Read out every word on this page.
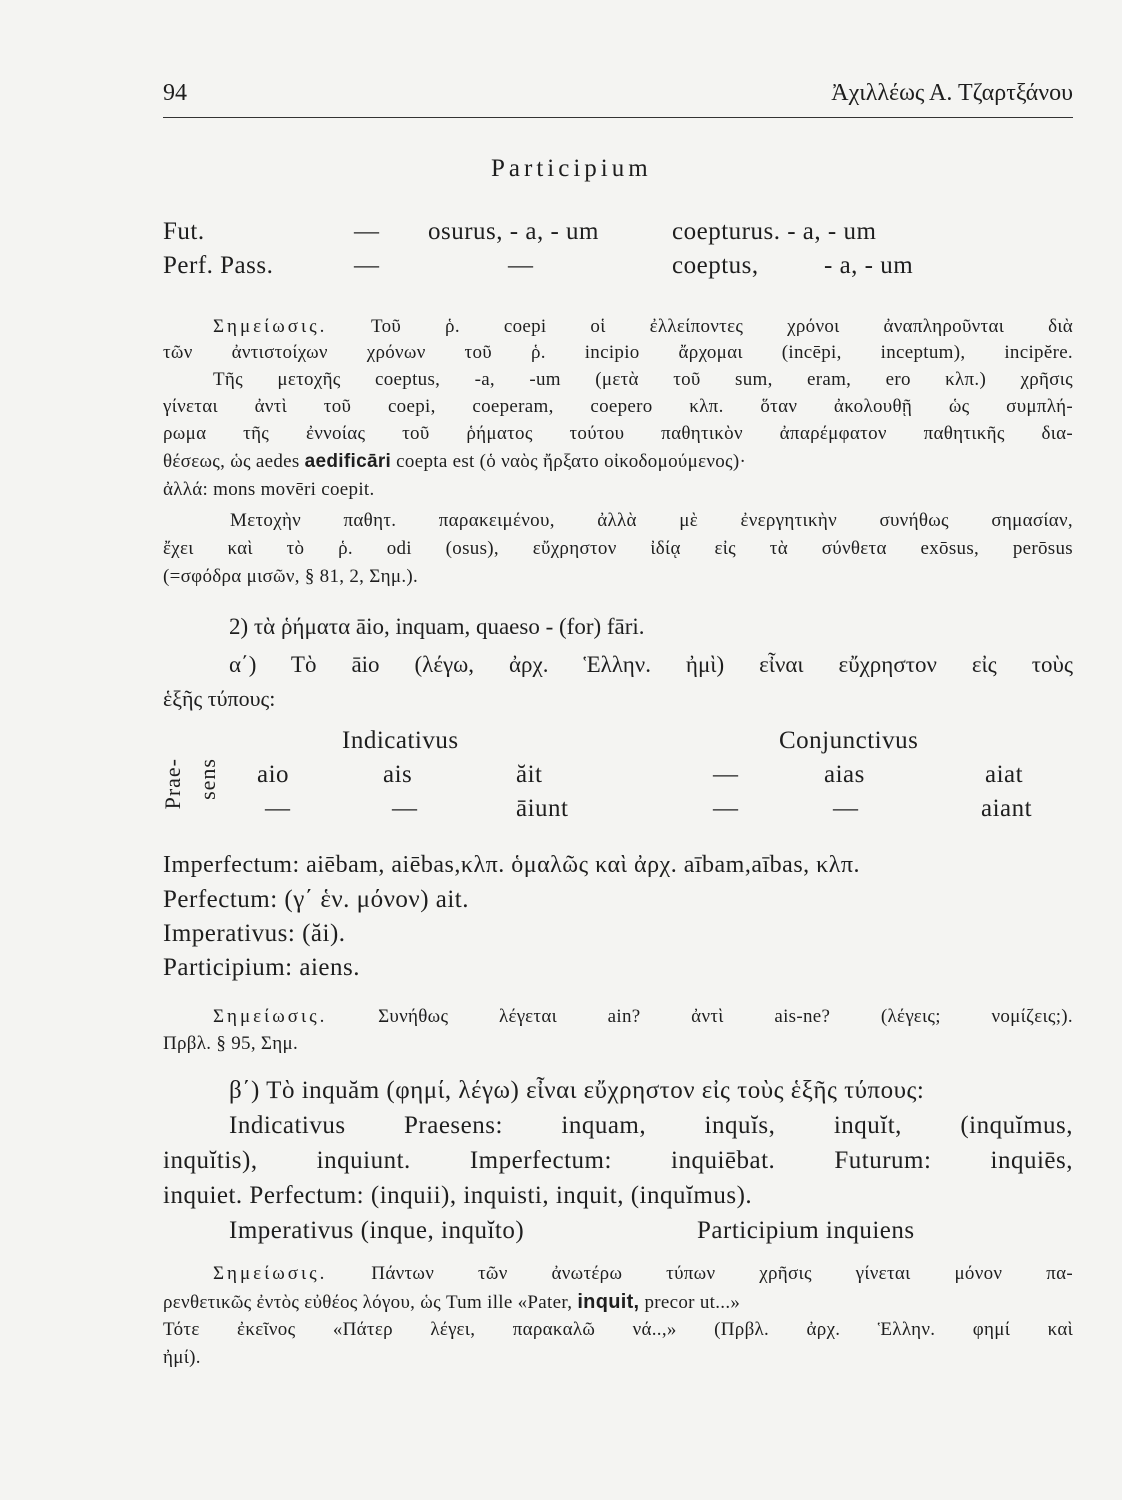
94	Ἀχιλλέως Α. Τζαρτξάνου
Participium
Fut.	— osurus, - a, - um	coepturus. - a, - um
Perf. Pass.	—	—	coeptus,	- a, - um
Σημείωσις. Τοῦ ῥ. coepi οἱ ἐλλείποντες χρόνοι ἀναπληροῦνται διὰ
τῶν ἀντιστοίχων χρόνων τοῦ ῥ. incipio ἄρχομαι (incēpi, inceptum), incipĕre.
Τῆς μετοχῆς coeptus, -a, -um (μετὰ τοῦ sum, eram, ero κλπ.) χρῆσις
γίνεται ἀντὶ τοῦ coepi, coeperam, coepero κλπ. ὅταν ἀκολουθῇ ὡς συμπλή-
ρωμα τῆς ἐννοίας τοῦ ῥήματος τούτου παθητικὸν ἀπαρέμφατον παθητικῆς δια-
θέσεως, ὡς aedes aedificāri coepta est (ὁ ναὸς ἤρξατο οἰκοδομούμενος)·
ἀλλά: mons movēri coepit.
Μετοχὴν παθητ. παρακειμένου, ἀλλὰ μὲ ἐνεργητικὴν συνήθως σημασίαν,
ἔχει καὶ τὸ ῥ. odi (osus), εὔχρηστον ἰδίᾳ εἰς τὰ σύνθετα exōsus, perōsus
(=σφόδρα μισῶν, § 81, 2, Σημ.).
2) τὰ ῥήματα āio, inquam, quaeso - (for) fāri.
α΄) Τὸ āio (λέγω, ἀρχ. Ἑλλην. ἠμὶ) εἶναι εὔχρηστον εἰς τοὺς
ἑξῆς τύπους:
Prae- sens
Indicativus	Conjunctivus
aio	ais	ăit	—	aias	aiat
—	—	āiunt	—	—	aiant
Imperfectum: aiēbam, aiēbas,κλπ. ὁμαλῶς καὶ ἀρχ. aībam,aības, κλπ.
Perfectum: (γ΄ ἑν. μόνον) ait.
Imperativus: (ăi).
Participium: aiens.
Σημείωσις.	Συνήθως λέγεται ain? ἀντὶ ais-ne? (λέγεις; νομίζεις;).
Πρβλ. § 95, Σημ.
β΄) Τὸ inquăm (φημί, λέγω) εἶναι εὔχρηστον εἰς τοὺς ἑξῆς τύπους:
Indicativus Praesens: inquam, inquĭs, inquĭt, (inquĭmus,
inquĭtis), inquiunt. Imperfectum: inquiēbat. Futurum: inquiēs,
inquiet. Perfectum: (inquii), inquisti, inquit, (inquĭmus).
Imperativus (inque, inquĭto)	Participium inquiens
Σημείωσις. Πάντων τῶν ἀνωτέρω τύπων χρῆσις γίνεται μόνον πα-
ρενθετικῶς ἐντὸς εὐθέος λόγου, ὡς Tum ille «Pater, inquit, precor ut...»
Τότε ἐκεῖνος «Πάτερ λέγει, παρακαλῶ νά..,» (Πρβλ. ἀρχ. Ἑλλην. φημί καὶ
ἠμί).
